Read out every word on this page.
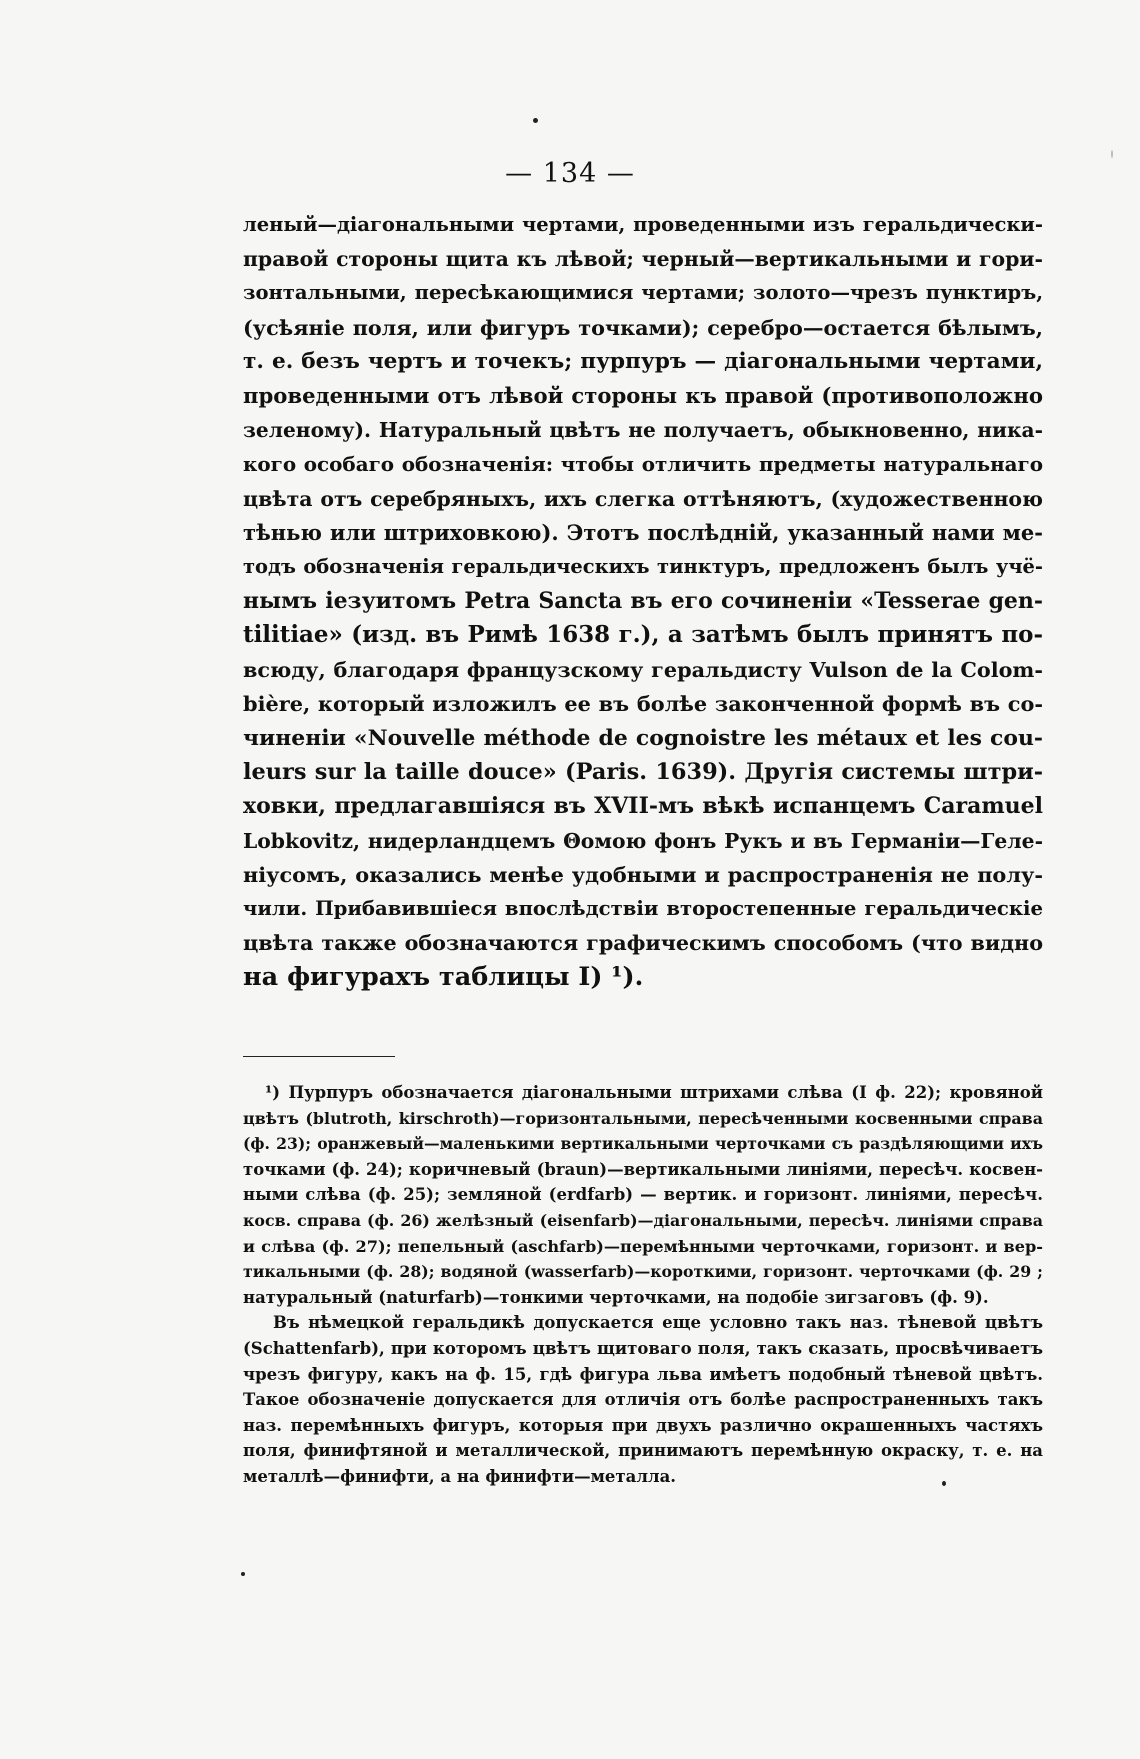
— 134 —
леный—діагональными чертами, проведенными изъ геральдически-
правой стороны щита къ лѣвой; черный—вертикальными и гори-
зонтальными, пересѣкающимися чертами; золото—чрезъ пунктиръ,
(усѣяніе поля, или фигуръ точками); серебро—остается бѣлымъ,
т. е. безъ чертъ и точекъ; пурпуръ — діагональными чертами,
проведенными отъ лѣвой стороны къ правой (противоположно
зеленому). Натуральный цвѣтъ не получаетъ, обыкновенно, ника-
кого особаго обозначенія: чтобы отличить предметы натуральнаго
цвѣта отъ серебряныхъ, ихъ слегка оттѣняютъ, (художественною
тѣнью или штриховкою). Этотъ послѣдній, указанный нами ме-
тодъ обозначенія геральдическихъ тинктуръ, предложенъ былъ учё-
нымъ іезуитомъ Petra Sancta въ его сочиненіи «Tesserae gen-
tilitiae» (изд. въ Римѣ 1638 г.), а затѣмъ былъ принятъ по-
всюду, благодаря французскому геральдисту Vulson de la Colom-
bière, который изложилъ ее въ болѣе законченной формѣ въ со-
чиненіи «Nouvelle méthode de cognoistre les métaux et les cou-
leurs sur la taille douce» (Paris. 1639). Другія системы штри-
ховки, предлагавшіяся въ XVII-мъ вѣкѣ испанцемъ Caramuel
Lobkovitz, нидерландцемъ Θомою фонъ Рукъ и въ Германіи—Геле-
ніусомъ, оказались менѣе удобными и распространенія не полу-
чили. Прибавившіеся впослѣдствіи второстепенные геральдическіе
цвѣта также обозначаются графическимъ способомъ (что видно
на фигурахъ таблицы I) ¹).
¹) Пурпуръ обозначается діагональными штрихами слѣва (I ф. 22); кровяной
цвѣтъ (blutroth, kirschroth)—горизонтальными, пересѣченными косвенными справа
(ф. 23); оранжевый—маленькими вертикальными черточками съ раздѣляющими ихъ
точками (ф. 24); коричневый (braun)—вертикальными линіями, пересѣч. косвен-
ными слѣва (ф. 25); земляной (erdfarb) — вертик. и горизонт. линіями, пересѣч.
косв. справа (ф. 26) желѣзный (eisenfarb)—діагональными, пересѣч. линіями справа
и слѣва (ф. 27); пепельный (aschfarb)—перемѣнными черточками, горизонт. и вер-
тикальными (ф. 28); водяной (wasserfarb)—короткими, горизонт. черточками (ф. 29 ;
натуральный (naturfarb)—тонкими черточками, на подобіе зигзаговъ (ф. 9).
Въ нѣмецкой геральдикѣ допускается еще условно такъ наз. тѣневой цвѣтъ
(Schattenfarb), при которомъ цвѣтъ щитоваго поля, такъ сказать, просвѣчиваетъ
чрезъ фигуру, какъ на ф. 15, гдѣ фигура льва имѣетъ подобный тѣневой цвѣтъ.
Такое обозначеніе допускается для отличія отъ болѣе распространенныхъ такъ
наз. перемѣнныхъ фигуръ, которыя при двухъ различно окрашенныхъ частяхъ
поля, финифтяной и металлической, принимаютъ перемѣнную окраску, т. е. на
металлѣ—финифти, а на финифти—металла.
